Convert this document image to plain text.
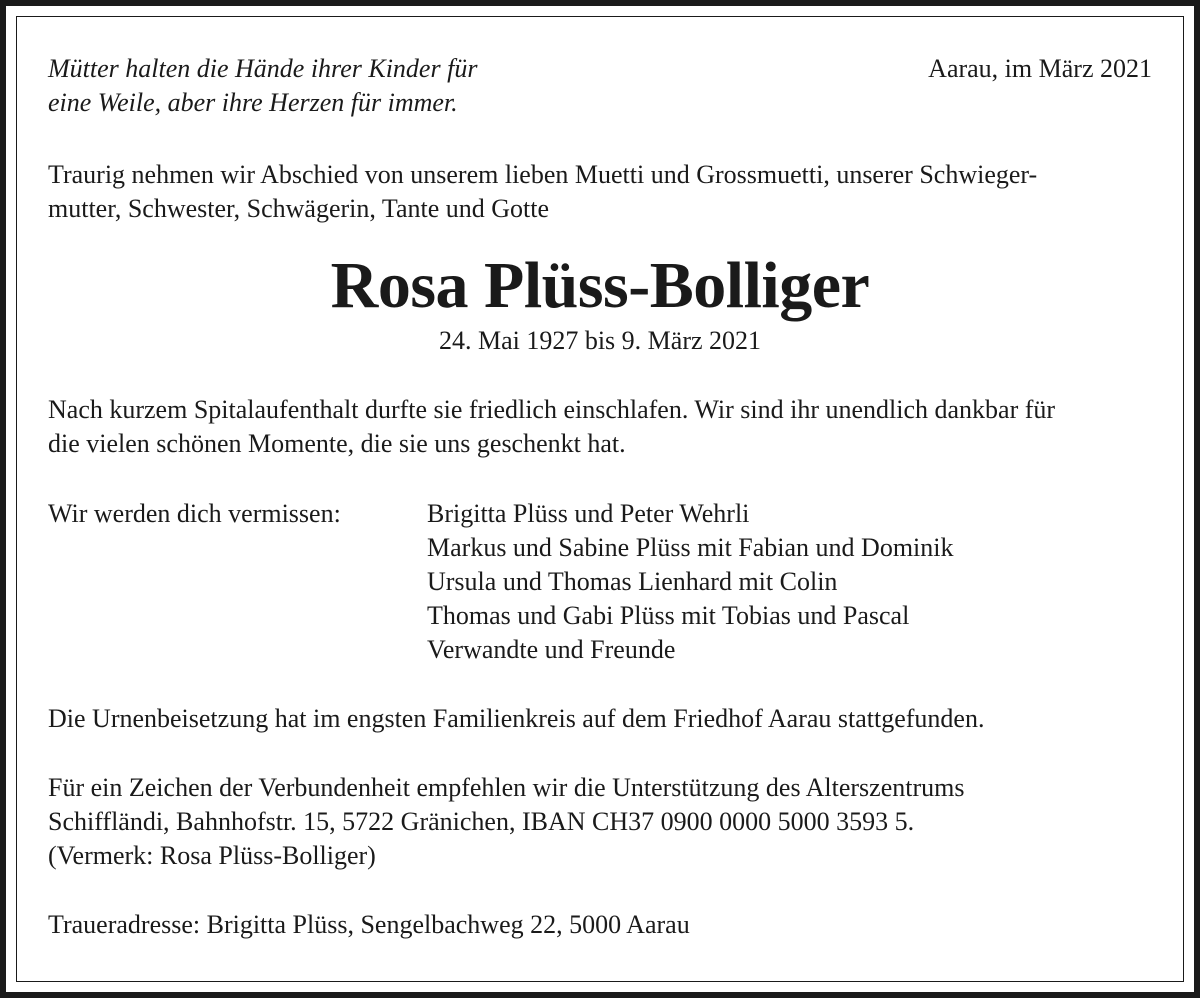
Mütter halten die Hände ihrer Kinder für
eine Weile, aber ihre Herzen für immer.

Aarau, im März 2021

Traurig nehmen wir Abschied von unserem lieben Muetti und Grossmuetti, unserer Schwieger-
mutter, Schwester, Schwägerin, Tante und Gotte

Rosa Plüss-Bolliger

24. Mai 1927 bis 9. März 2021

Nach kurzem Spitalaufenthalt durfte sie friedlich einschlafen. Wir sind ihr unendlich dankbar für
die vielen schönen Momente, die sie uns geschenkt hat.

Wir werden dich vermissen:	Brigitta Plüss und Peter Wehrli
Markus und Sabine Plüss mit Fabian und Dominik
Ursula und Thomas Lienhard mit Colin
Thomas und Gabi Plüss mit Tobias und Pascal
Verwandte und Freunde

Die Urnenbeisetzung hat im engsten Familienkreis auf dem Friedhof Aarau stattgefunden.

Für ein Zeichen der Verbundenheit empfehlen wir die Unterstützung des Alterszentrums
Schiffländi, Bahnhofstr. 15, 5722 Gränichen, IBAN CH37 0900 0000 5000 3593 5.
(Vermerk: Rosa Plüss-Bolliger)

Traueradresse: Brigitta Plüss, Sengelbachweg 22, 5000 Aarau
